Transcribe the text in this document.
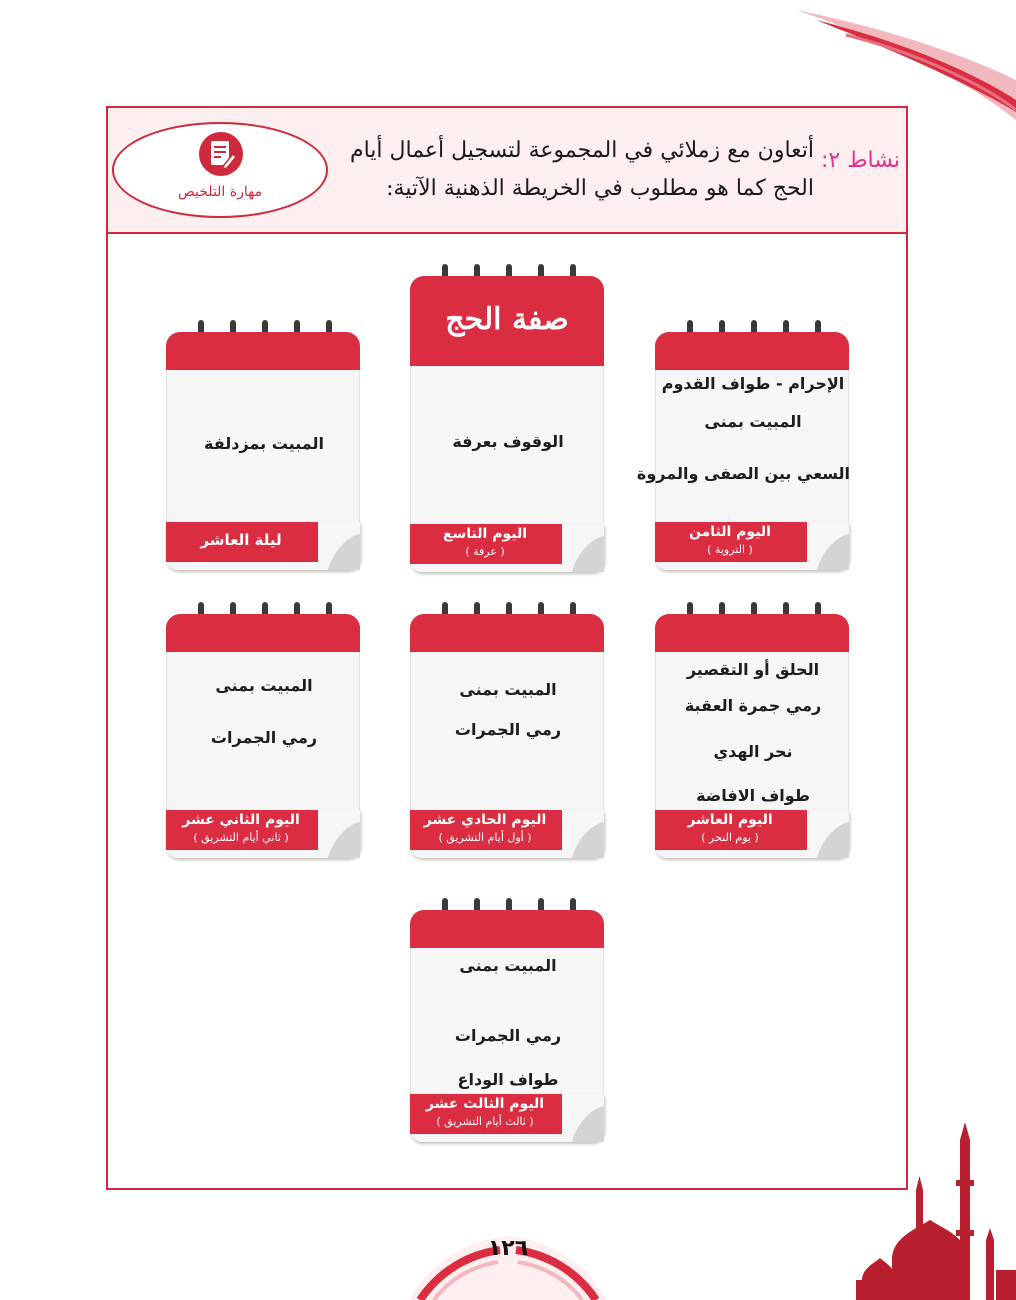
مهارة التلخيص
نشاط ٢:
أتعاون مع زملائي في المجموعة لتسجيل أعمال أيام الحج كما هو مطلوب في الخريطة الذهنية الآتية:
صفة الحج
الوقوف بعرفة
اليوم التاسع
( عرفة )
الإحرام - طواف القدوم
المبيت بمنى
السعي بين الصفى والمروة
اليوم الثامن
( التروية )
المبيت بمزدلفة
ليلة العاشر
الحلق أو التقصير
رمي جمرة العقبة
نحر الهدي
طواف الافاضة
اليوم العاشر
( يوم النحر )
المبيت بمنى
رمي الجمرات
اليوم الحادي عشر
( أول أيام التشريق )
المبيت بمنى
رمي الجمرات
اليوم الثاني عشر
( ثاني أيام التشريق )
المبيت بمنى
رمي الجمرات
طواف الوداع
اليوم الثالث عشر
( ثالث أيام التشريق )
١٢٦
